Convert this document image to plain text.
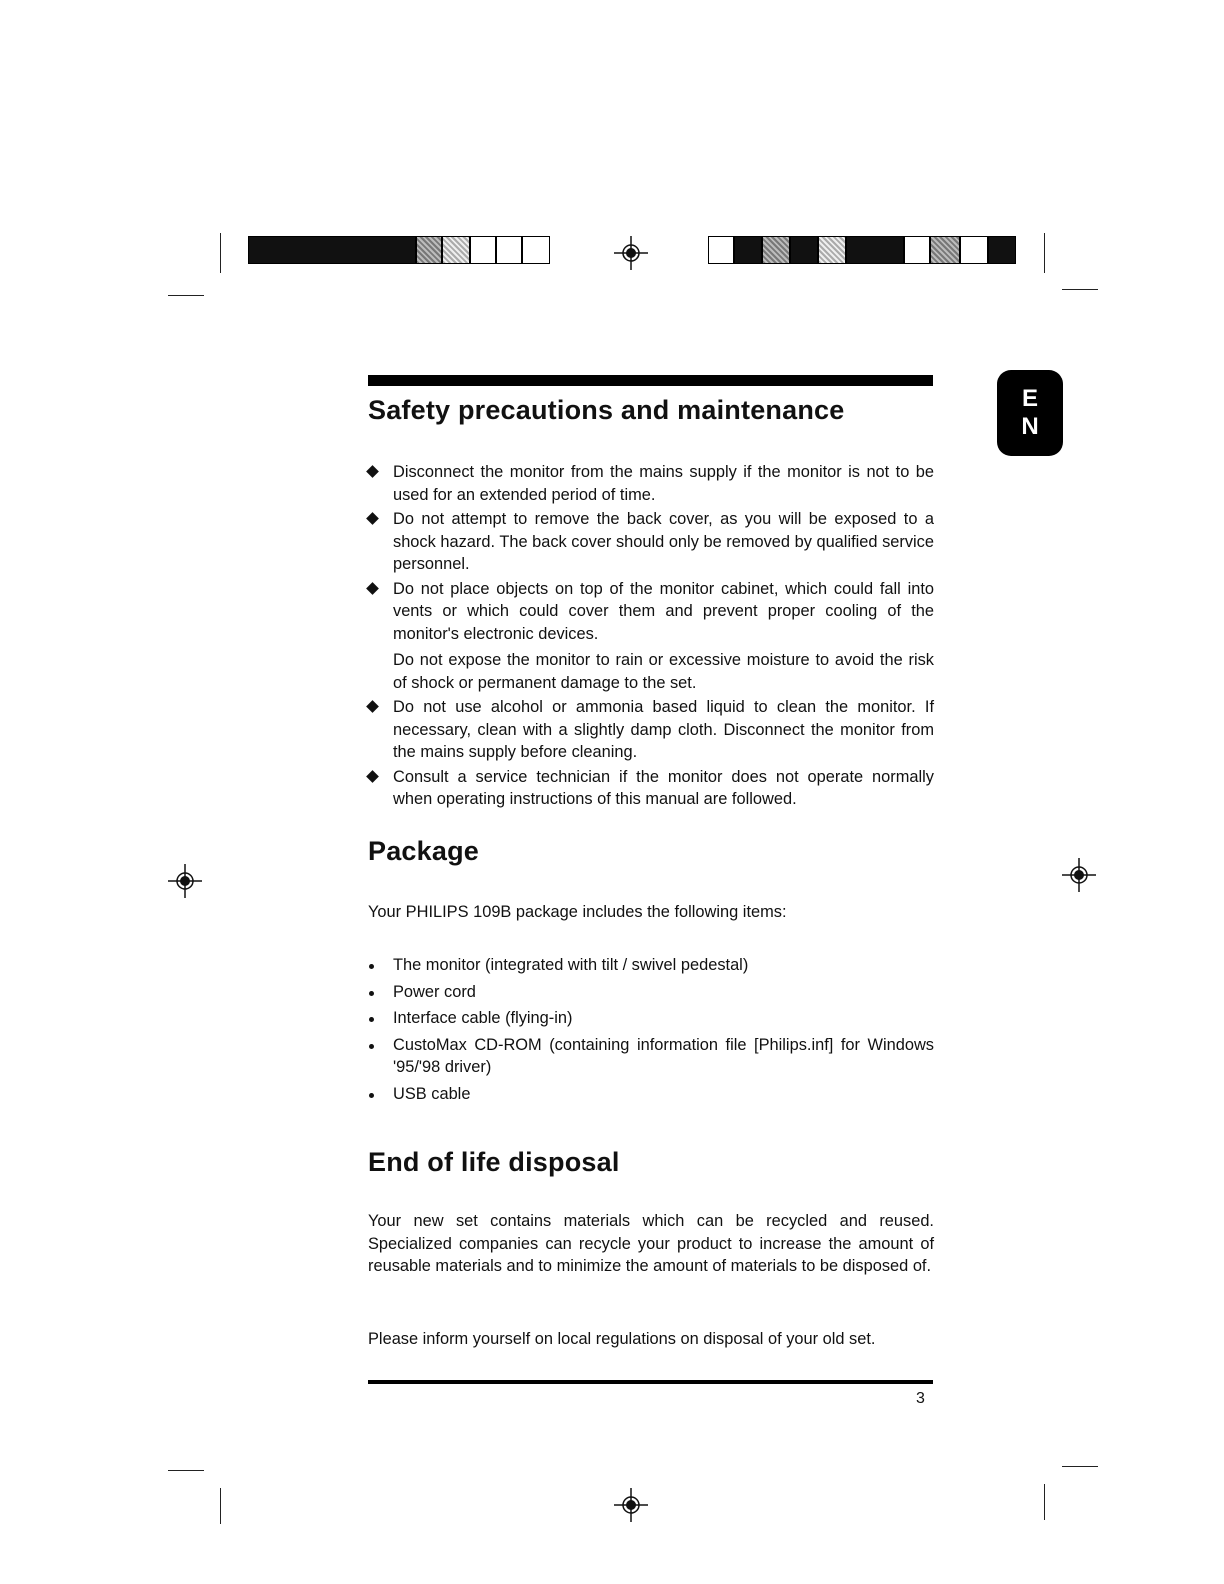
E
N
Safety precautions and maintenance
Disconnect the monitor from the mains supply if the monitor is not to be used for an extended period of time.
Do not attempt to remove the back cover, as you will be exposed to a shock hazard. The back cover should only be removed by qualified service personnel.
Do not place objects on top of the monitor cabinet, which could fall into vents or which could cover them and prevent proper cooling of the monitor's electronic devices.
Do not expose the monitor to rain or excessive moisture to avoid the risk of shock or permanent damage to the set.
Do not use alcohol or ammonia based liquid to clean the monitor. If necessary, clean with a slightly damp cloth. Disconnect the monitor from the mains supply before cleaning.
Consult a service technician if the monitor does not operate normally when operating instructions of this manual are followed.
Package

Your PHILIPS 109B package includes the following items:

The monitor (integrated with tilt / swivel pedestal)
Power cord
Interface cable (flying-in)
CustoMax CD-ROM (containing information file [Philips.inf] for Windows '95/'98 driver)
USB cable
End of life disposal

Your new set contains materials which can be recycled and reused. Specialized companies can recycle your product to increase the amount of reusable materials and to minimize the amount of materials to be disposed of.

Please inform yourself on local regulations on disposal of your old set.

3
